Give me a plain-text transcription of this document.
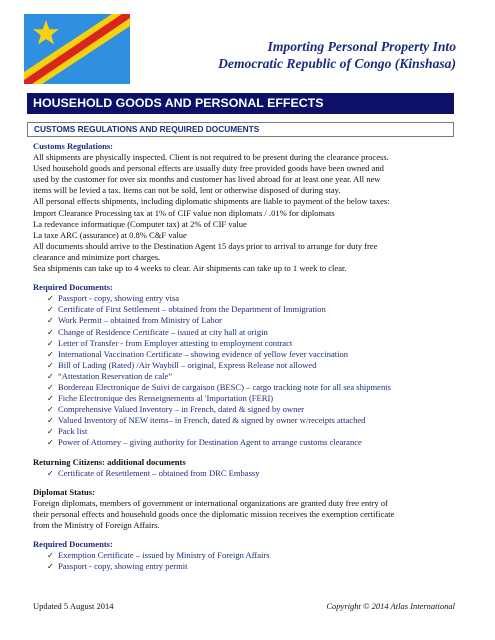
Importing Personal Property Into
Democratic Republic of Congo (Kinshasa)
HOUSEHOLD GOODS AND PERSONAL EFFECTS
CUSTOMS REGULATIONS AND REQUIRED DOCUMENTS
Customs Regulations:
All shipments are physically inspected. Client is not required to be present during the clearance process.
Used household goods and personal effects are usually duty free provided goods have been owned and
used by the customer for over six months and customer has lived abroad for at least one year. All new
items will be levied a tax. Items can not be sold, lent or otherwise disposed of during stay.
All personal effects shipments, including diplomatic shipments are liable to payment of the below taxes:
Import Clearance Processing tax at 1% of CIF value non diplomats / .01% for diplomats
La redevance informatique (Computer tax) at 2% of CIF value
La taxe ARC (assurance) at 0.8% C&F value
All documents should arrive to the Destination Agent 15 days prior to arrival to arrange for duty free
clearance and minimize port charges.
Sea shipments can take up to 4 weeks to clear. Air shipments can take up to 1 week to clear.
Required Documents:
✓ Passport - copy, showing entry visa
✓ Certificate of First Settlement – obtained from the Department of Immigration
✓ Work Permit – obtained from Ministry of Labor
✓ Change of Residence Certificate – issued at city hall at origin
✓ Letter of Transfer - from Employer attesting to employment contract
✓ International Vaccination Certificate – showing evidence of yellow fever vaccination
✓ Bill of Lading (Rated) /Air Waybill – original, Express Release not allowed
✓ “Attestation Reservation de cale”
✓ Bordereau Electronique de Suivi de cargaison (BESC) – cargo tracking note for all sea shipments
✓ Fiche Electronique des Renseignements al 'Importation (FERI)
✓ Comprehensive Valued Inventory – in French, dated & signed by owner
✓ Valued Inventory of NEW items– in French, dated & signed by owner w/receipts attached
✓ Pack list
✓ Power of Attorney – giving authority for Destination Agent to arrange customs clearance
Returning Citizens: additional documents
✓ Certificate of Resettlement – obtained from DRC Embassy
Diplomat Status:
Foreign diplomats, members of government or international organizations are granted duty free entry of
their personal effects and household goods once the diplomatic mission receives the exemption certificate
from the Ministry of Foreign Affairs.
Required Documents:
✓ Exemption Certificate – issued by Ministry of Foreign Affairs
✓ Passport - copy, showing entry permit
Updated 5 August 2014	Copyright © 2014 Atlas International
